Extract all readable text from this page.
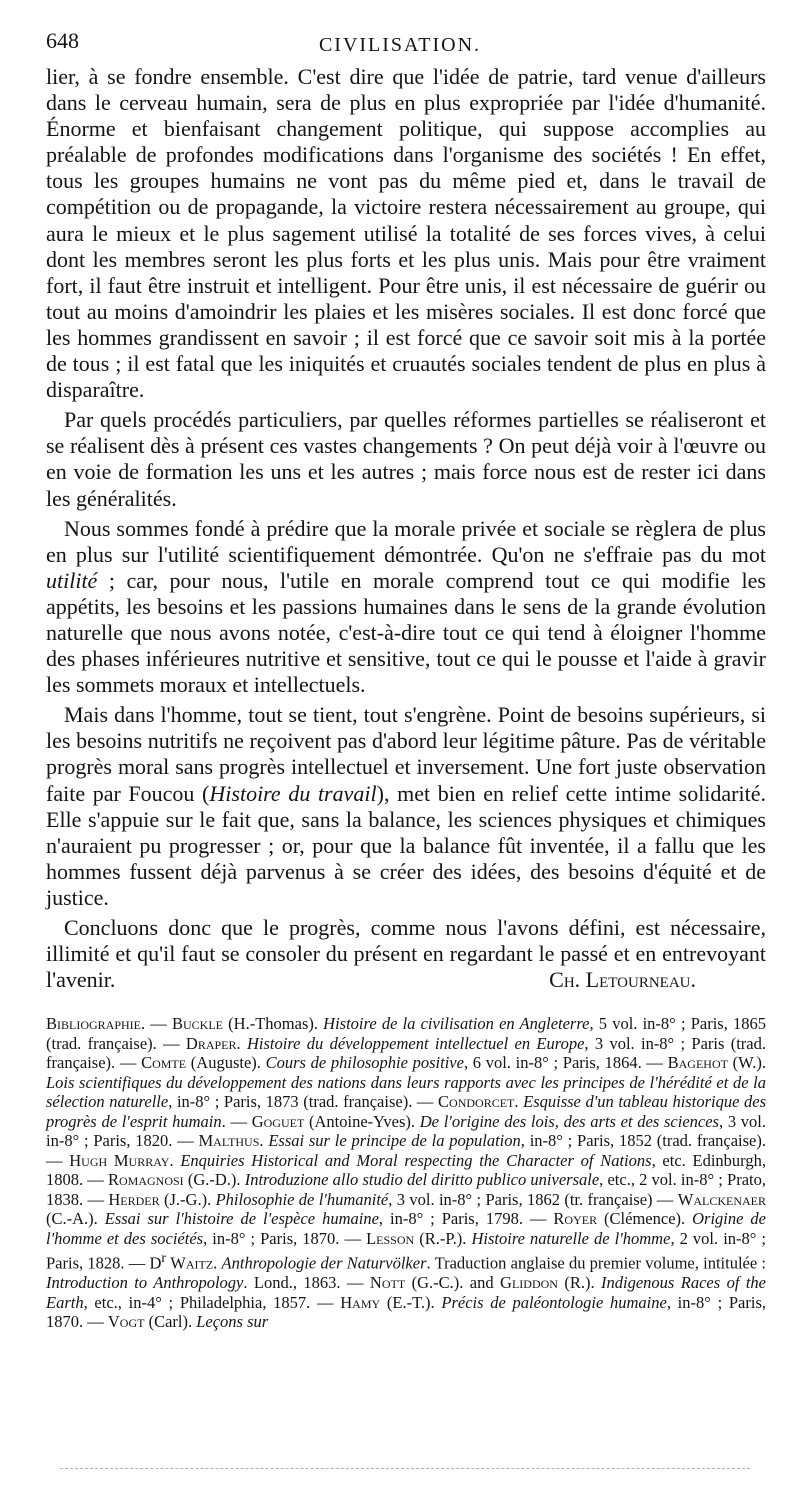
648	CIVILISATION.

lier, à se fondre ensemble. C'est dire que l'idée de patrie, tard venue d'ailleurs dans le cerveau humain, sera de plus en plus expropriée par l'idée d'humanité. Énorme et bienfaisant changement politique, qui suppose accomplies au préalable de profondes modifications dans l'organisme des sociétés ! En effet, tous les groupes humains ne vont pas du même pied et, dans le travail de compétition ou de propagande, la victoire restera nécessairement au groupe, qui aura le mieux et le plus sagement utilisé la totalité de ses forces vives, à celui dont les membres seront les plus forts et les plus unis. Mais pour être vraiment fort, il faut être instruit et intelligent. Pour être unis, il est nécessaire de guérir ou tout au moins d'amoindrir les plaies et les misères sociales. Il est donc forcé que les hommes grandissent en savoir ; il est forcé que ce savoir soit mis à la portée de tous ; il est fatal que les iniquités et cruautés sociales tendent de plus en plus à disparaître.

Par quels procédés particuliers, par quelles réformes partielles se réaliseront et se réalisent dès à présent ces vastes changements ? On peut déjà voir à l'œuvre ou en voie de formation les uns et les autres ; mais force nous est de rester ici dans les généralités.

Nous sommes fondé à prédire que la morale privée et sociale se règlera de plus en plus sur l'utilité scientifiquement démontrée. Qu'on ne s'effraie pas du mot utilité ; car, pour nous, l'utile en morale comprend tout ce qui modifie les appétits, les besoins et les passions humaines dans le sens de la grande évolution naturelle que nous avons notée, c'est-à-dire tout ce qui tend à éloigner l'homme des phases inférieures nutritive et sensitive, tout ce qui le pousse et l'aide à gravir les sommets moraux et intellectuels.

Mais dans l'homme, tout se tient, tout s'engrène. Point de besoins supérieurs, si les besoins nutritifs ne reçoivent pas d'abord leur légitime pâture. Pas de véritable progrès moral sans progrès intellectuel et inversement. Une fort juste observation faite par Foucou (Histoire du travail), met bien en relief cette intime solidarité. Elle s'appuie sur le fait que, sans la balance, les sciences physiques et chimiques n'auraient pu progresser ; or, pour que la balance fût inventée, il a fallu que les hommes fussent déjà parvenus à se créer des idées, des besoins d'équité et de justice.

Concluons donc que le progrès, comme nous l'avons défini, est nécessaire, illimité et qu'il faut se consoler du présent en regardant le passé et en entrevoyant l'avenir.	Ch. Letourneau.

Bibliographie. — Buckle (H.-Thomas). Histoire de la civilisation en Angleterre, 5 vol. in-8° ; Paris, 1865 (trad. française). — Draper. Histoire du développement intellectuel en Europe, 3 vol. in-8° ; Paris (trad. française). — Comte (Auguste). Cours de philosophie positive, 6 vol. in-8° ; Paris, 1864. — Bagehot (W.). Lois scientifiques du développement des nations dans leurs rapports avec les principes de l'hérédité et de la sélection naturelle, in-8° ; Paris, 1873 (trad. française). — Condorcet. Esquisse d'un tableau historique des progrès de l'esprit humain. — Goguet (Antoine-Yves). De l'origine des lois, des arts et des sciences, 3 vol. in-8° ; Paris, 1820. — Malthus. Essai sur le principe de la population, in-8° ; Paris, 1852 (trad. française). — Hugh Murray. Enquiries Historical and Moral respecting the Character of Nations, etc. Edinburgh, 1808. — Romagnosi (G.-D.). Introduzione allo studio del diritto publico universale, etc., 2 vol. in-8° ; Prato, 1838. — Herder (J.-G.). Philosophie de l'humanité, 3 vol. in-8° ; Paris, 1862 (tr. française) — Walckenaer (C.-A.). Essai sur l'histoire de l'espèce humaine, in-8° ; Paris, 1798. — Royer (Clémence). Origine de l'homme et des sociétés, in-8° ; Paris, 1870. — Lesson (R.-P.). Histoire naturelle de l'homme, 2 vol. in-8° ; Paris, 1828. — $D^r$ Waitz. Anthropologie der Naturvölker. Traduction anglaise du premier volume, intitulée : Introduction to Anthropology. Lond., 1863. — Nott (G.-C.). and Gliddon (R.). Indigenous Races of the Earth, etc., in-4° ; Philadelphia, 1857. — Hamy (E.-T.). Précis de paléontologie humaine, in-8° ; Paris, 1870. — Vogt (Carl). Leçons sur
